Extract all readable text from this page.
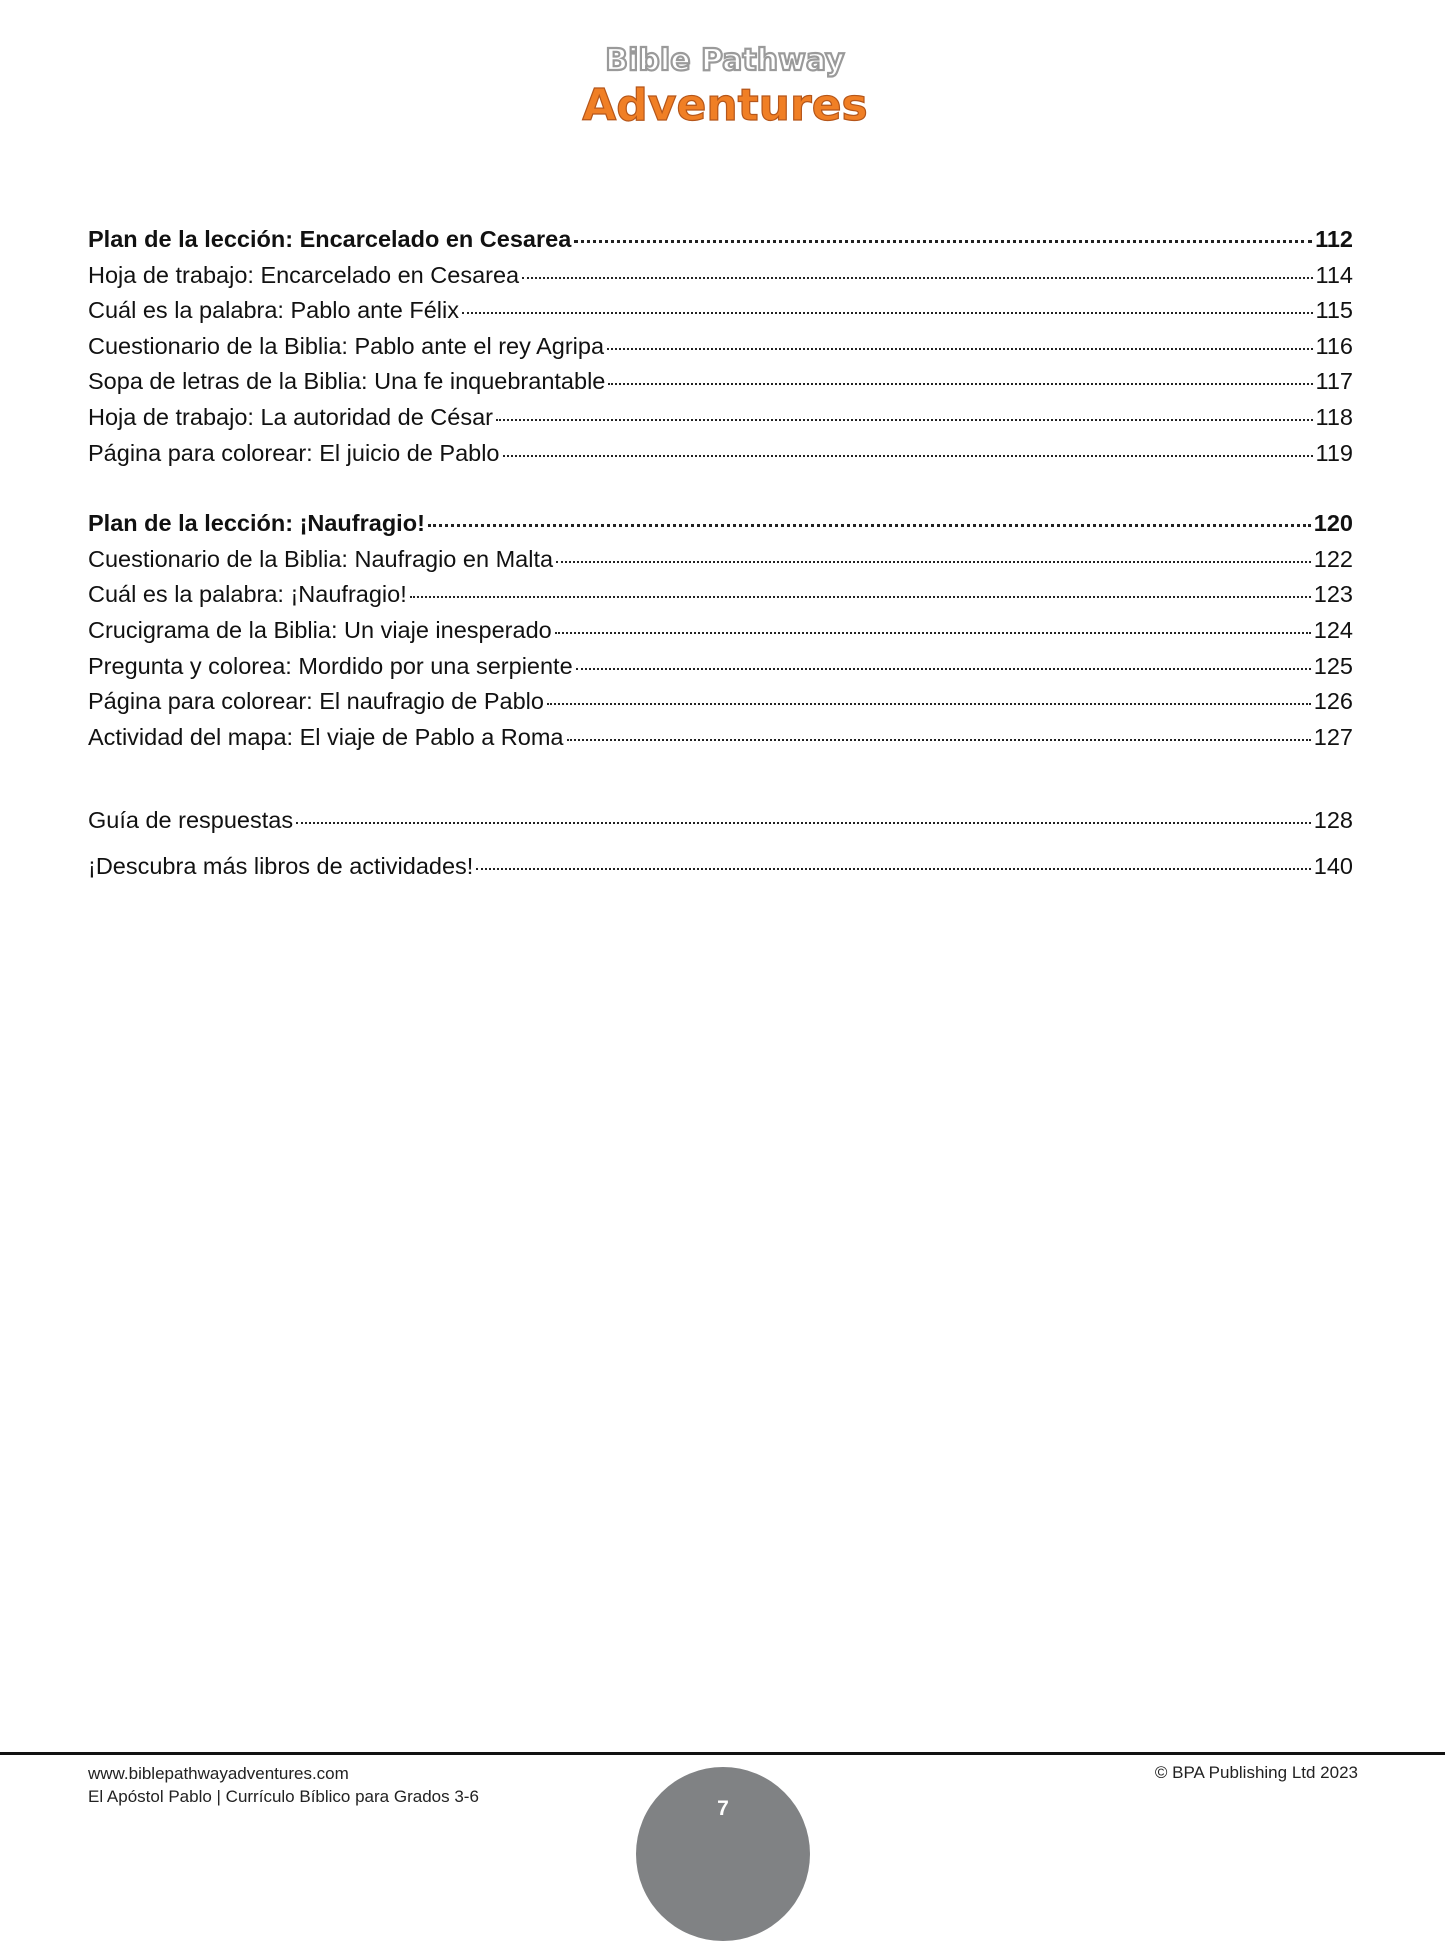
Bible Pathway
Adventures
Plan de la lección: Encarcelado en Cesarea	112
Hoja de trabajo: Encarcelado en Cesarea	114
Cuál es la palabra: Pablo ante Félix	115
Cuestionario de la Biblia: Pablo ante el rey Agripa	116
Sopa de letras de la Biblia: Una fe inquebrantable	117
Hoja de trabajo: La autoridad de César	118
Página para colorear: El juicio de Pablo	119
Plan de la lección: ¡Naufragio!	120
Cuestionario de la Biblia: Naufragio en Malta	122
Cuál es la palabra: ¡Naufragio!	123
Crucigrama de la Biblia: Un viaje inesperado	124
Pregunta y colorea: Mordido por una serpiente	125
Página para colorear: El naufragio de Pablo	126
Actividad del mapa: El viaje de Pablo a Roma	127
Guía de respuestas	128
¡Descubra más libros de actividades!	140
www.biblepathwayadventures.com
El Apóstol Pablo | Currículo Bíblico para Grados 3-6
© BPA Publishing Ltd 2023
7
